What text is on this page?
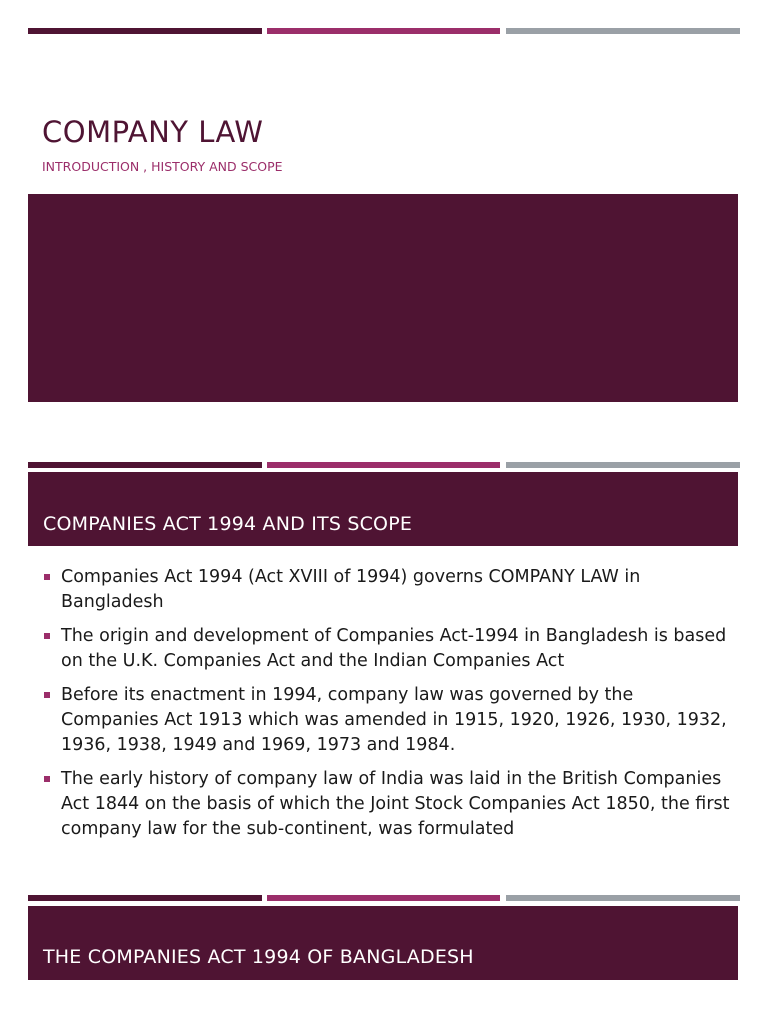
COMPANY LAW

INTRODUCTION , HISTORY AND SCOPE

COMPANIES ACT 1994 AND ITS SCOPE
Companies Act 1994 (Act XVIII of 1994) governs COMPANY LAW in Bangladesh
The origin and development of Companies Act-1994 in Bangladesh is based on the U.K. Companies Act and the Indian Companies Act
Before its enactment in 1994, company law was governed by the Companies Act 1913 which was amended in 1915, 1920, 1926, 1930, 1932, 1936, 1938, 1949 and 1969, 1973 and 1984.
The early history of company law of India was laid in the British Companies Act 1844 on the basis of which the Joint Stock Companies Act 1850, the first company law for the sub-continent, was formulated
THE COMPANIES ACT 1994 OF BANGLADESH
